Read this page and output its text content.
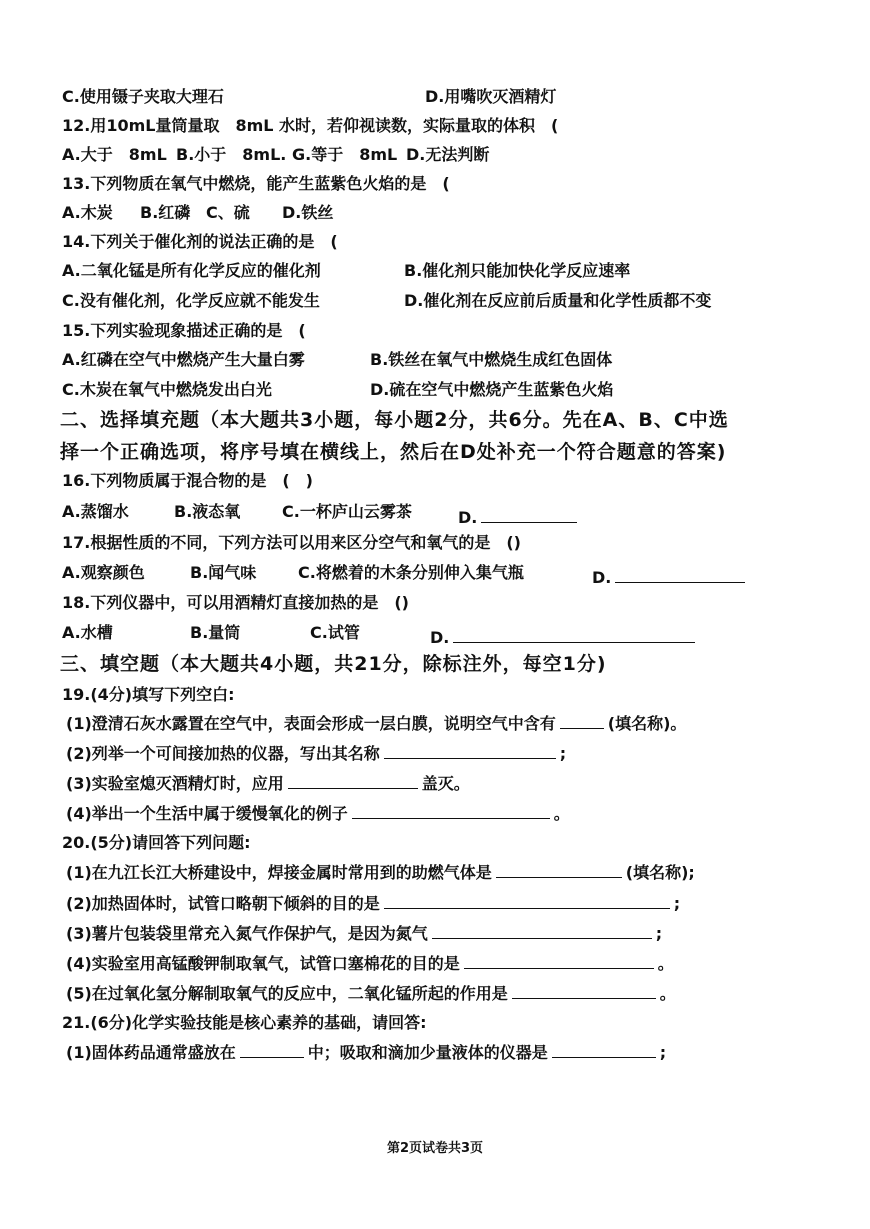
C.使用镊子夹取大理石	D.用嘴吹灭酒精灯
12.用10mL量筒量取　8mL 水时，若仰视读数，实际量取的体积　(
A.大于　8mL B.小于　8mL. G.等于　8mL D.无法判断
13.下列物质在氧气中燃烧，能产生蓝紫色火焰的是　(
A.木炭 B.红磷 C、硫 D.铁丝
14.下列关于催化剂的说法正确的是　(
A.二氧化锰是所有化学反应的催化剂	B.催化剂只能加快化学反应速率
C.没有催化剂，化学反应就不能发生	D.催化剂在反应前后质量和化学性质都不变
15.下列实验现象描述正确的是　(
A.红磷在空气中燃烧产生大量白雾	B.铁丝在氧气中燃烧生成红色固体
C.木炭在氧气中燃烧发出白光	D.硫在空气中燃烧产生蓝紫色火焰
二、选择填充题（本大题共3小题，每小题2分，共6分。先在A、B、C中选
择一个正确选项，将序号填在横线上，然后在D处补充一个符合题意的答案)
16.下列物质属于混合物的是　(　)
A.蒸馏水	B.液态氧	C.一杯庐山云雾茶	D.
17.根据性质的不同，下列方法可以用来区分空气和氧气的是　()
A.观察颜色	B.闻气味	C.将燃着的木条分别伸入集气瓶	D.
18.下列仪器中，可以用酒精灯直接加热的是　()
A.水槽	B.量筒	C.试管	D.
三、填空题（本大题共4小题，共21分，除标注外，每空1分)
19.(4分)填写下列空白:
(1)澄清石灰水露置在空气中，表面会形成一层白膜，说明空气中含有	(填名称)。
(2)列举一个可间接加热的仪器，写出其名称	;
(3)实验室熄灭酒精灯时，应用	盖灭。
(4)举出一个生活中属于缓慢氧化的例子	。
20.(5分)请回答下列问题:
(1)在九江长江大桥建设中，焊接金属时常用到的助燃气体是	(填名称);
(2)加热固体时，试管口略朝下倾斜的目的是	;
(3)薯片包装袋里常充入氮气作保护气，是因为氮气	;
(4)实验室用高锰酸钾制取氧气，试管口塞棉花的目的是	。
(5)在过氧化氢分解制取氧气的反应中，二氧化锰所起的作用是	。
21.(6分)化学实验技能是核心素养的基础，请回答:
(1)固体药品通常盛放在	中；吸取和滴加少量液体的仪器是	;
第2页试卷共3页
